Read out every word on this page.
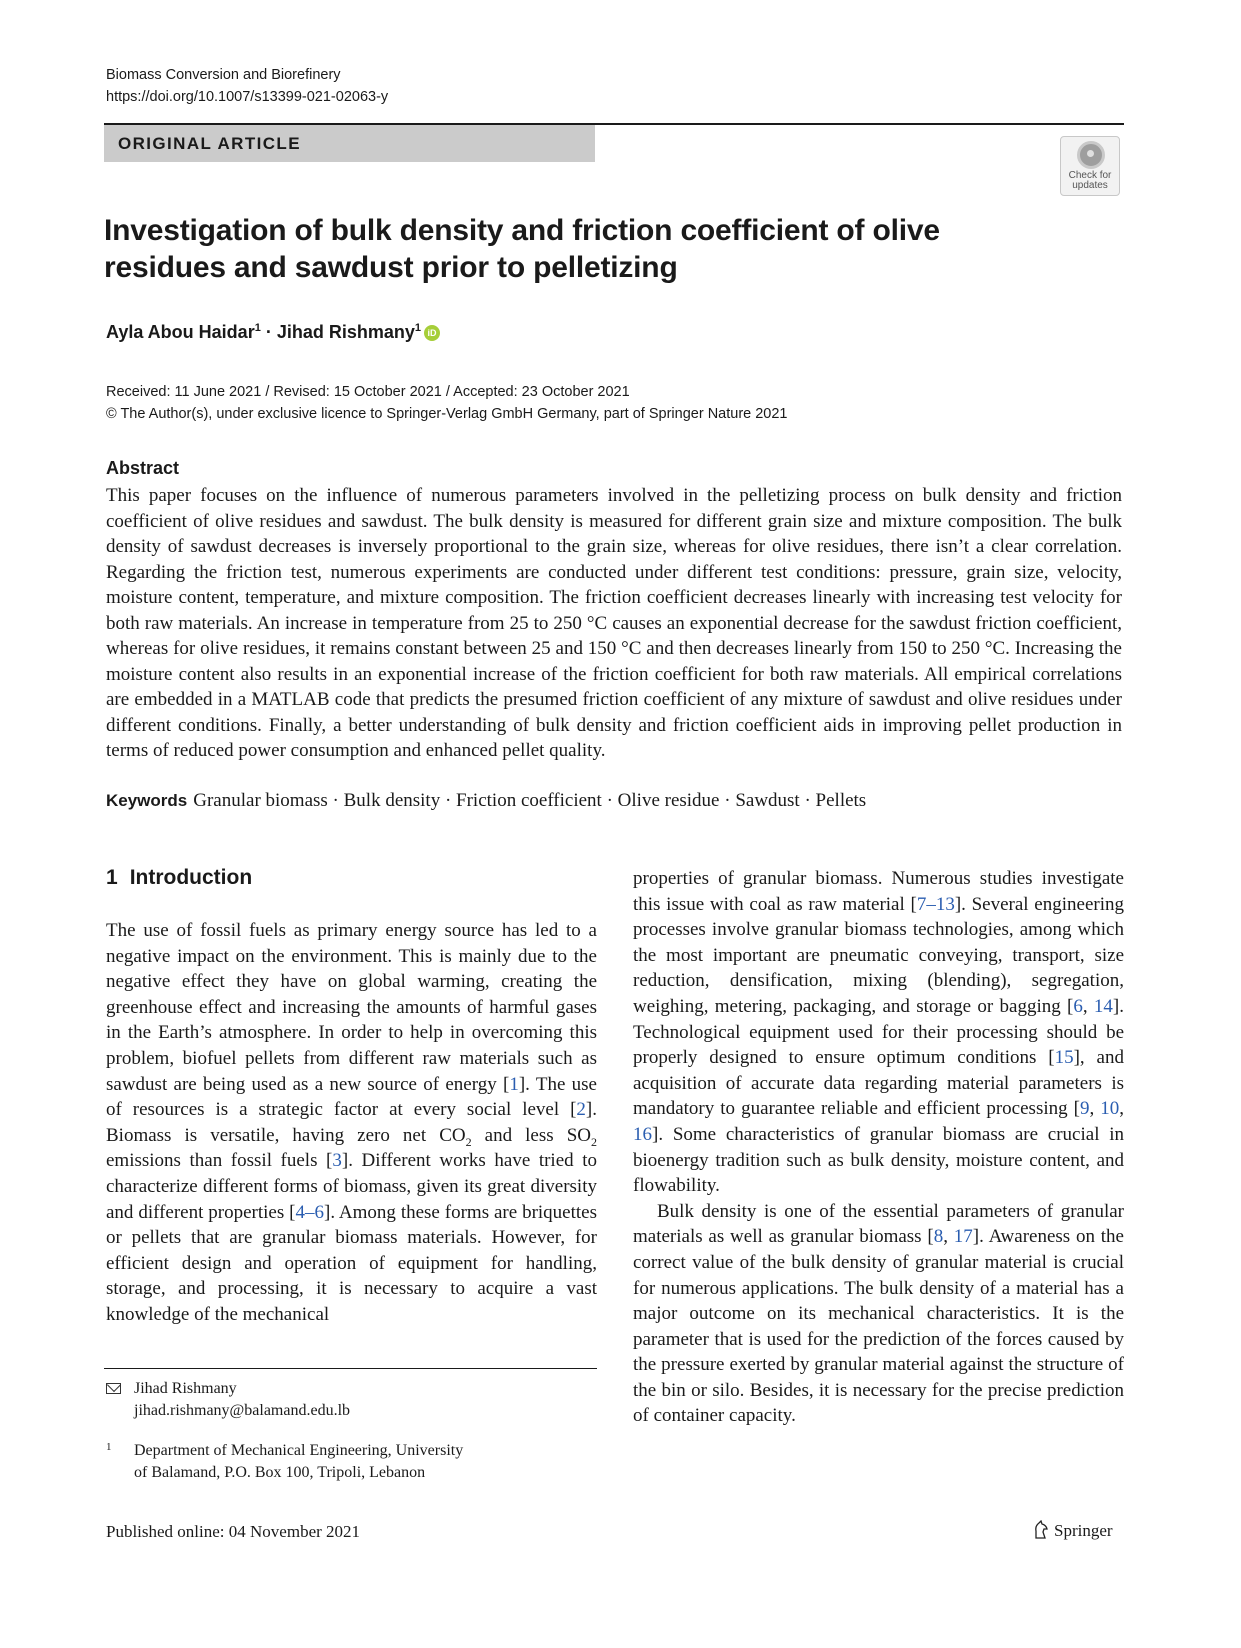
Biomass Conversion and Biorefinery
https://doi.org/10.1007/s13399-021-02063-y
ORIGINAL ARTICLE
Check for
updates
Investigation of bulk density and friction coefficient of olive residues and sawdust prior to pelletizing
Ayla Abou Haidar$^1$ · Jihad Rishmany$^1$ iD
Received: 11 June 2021 / Revised: 15 October 2021 / Accepted: 23 October 2021
© The Author(s), under exclusive licence to Springer-Verlag GmbH Germany, part of Springer Nature 2021
Abstract
This paper focuses on the influence of numerous parameters involved in the pelletizing process on bulk density and friction coefficient of olive residues and sawdust. The bulk density is measured for different grain size and mixture composition. The bulk density of sawdust decreases is inversely proportional to the grain size, whereas for olive residues, there isn’t a clear correlation. Regarding the friction test, numerous experiments are conducted under different test conditions: pressure, grain size, velocity, moisture content, temperature, and mixture composition. The friction coefficient decreases linearly with increasing test velocity for both raw materials. An increase in temperature from 25 to 250 °C causes an exponential decrease for the sawdust friction coefficient, whereas for olive residues, it remains constant between 25 and 150 °C and then decreases linearly from 150 to 250 °C. Increasing the moisture content also results in an exponential increase of the friction coefficient for both raw materials. All empirical correlations are embedded in a MATLAB code that predicts the presumed friction coefficient of any mixture of sawdust and olive residues under different conditions. Finally, a better understanding of bulk density and friction coefficient aids in improving pellet production in terms of reduced power consumption and enhanced pellet quality.
Keywords Granular biomass · Bulk density · Friction coefficient · Olive residue · Sawdust · Pellets
1 Introduction

The use of fossil fuels as primary energy source has led to a negative impact on the environment. This is mainly due to the negative effect they have on global warming, creating the greenhouse effect and increasing the amounts of harmful gases in the Earth’s atmosphere. In order to help in overcoming this problem, biofuel pellets from different raw materials such as sawdust are being used as a new source of energy [1]. The use of resources is a strategic factor at every social level [2]. Biomass is versatile, having zero net $CO_2$ and less $SO_2$ emissions than fossil fuels [3]. Different works have tried to characterize different forms of biomass, given its great diversity and different properties [4–6]. Among these forms are briquettes or pellets that are granular biomass materials. However, for efficient design and operation of equipment for handling, storage, and processing, it is necessary to acquire a vast knowledge of the mechanical

properties of granular biomass. Numerous studies investigate this issue with coal as raw material [7–13]. Several engineering processes involve granular biomass technologies, among which the most important are pneumatic conveying, transport, size reduction, densification, mixing (blending), segregation, weighing, metering, packaging, and storage or bagging [6, 14]. Technological equipment used for their processing should be properly designed to ensure optimum conditions [15], and acquisition of accurate data regarding material parameters is mandatory to guarantee reliable and efficient processing [9, 10, 16]. Some characteristics of granular biomass are crucial in bioenergy tradition such as bulk density, moisture content, and flowability.

Bulk density is one of the essential parameters of granular materials as well as granular biomass [8, 17]. Awareness on the correct value of the bulk density of granular material is crucial for numerous applications. The bulk density of a material has a major outcome on its mechanical characteristics. It is the parameter that is used for the prediction of the forces caused by the pressure exerted by granular material against the structure of the bin or silo. Besides, it is necessary for the precise prediction of container capacity.

Jihad Rishmany
jihad.rishmany@balamand.edu.lb
1 Department of Mechanical Engineering, University
of Balamand, P.O. Box 100, Tripoli, Lebanon
Published online: 04 November 2021	Springer
